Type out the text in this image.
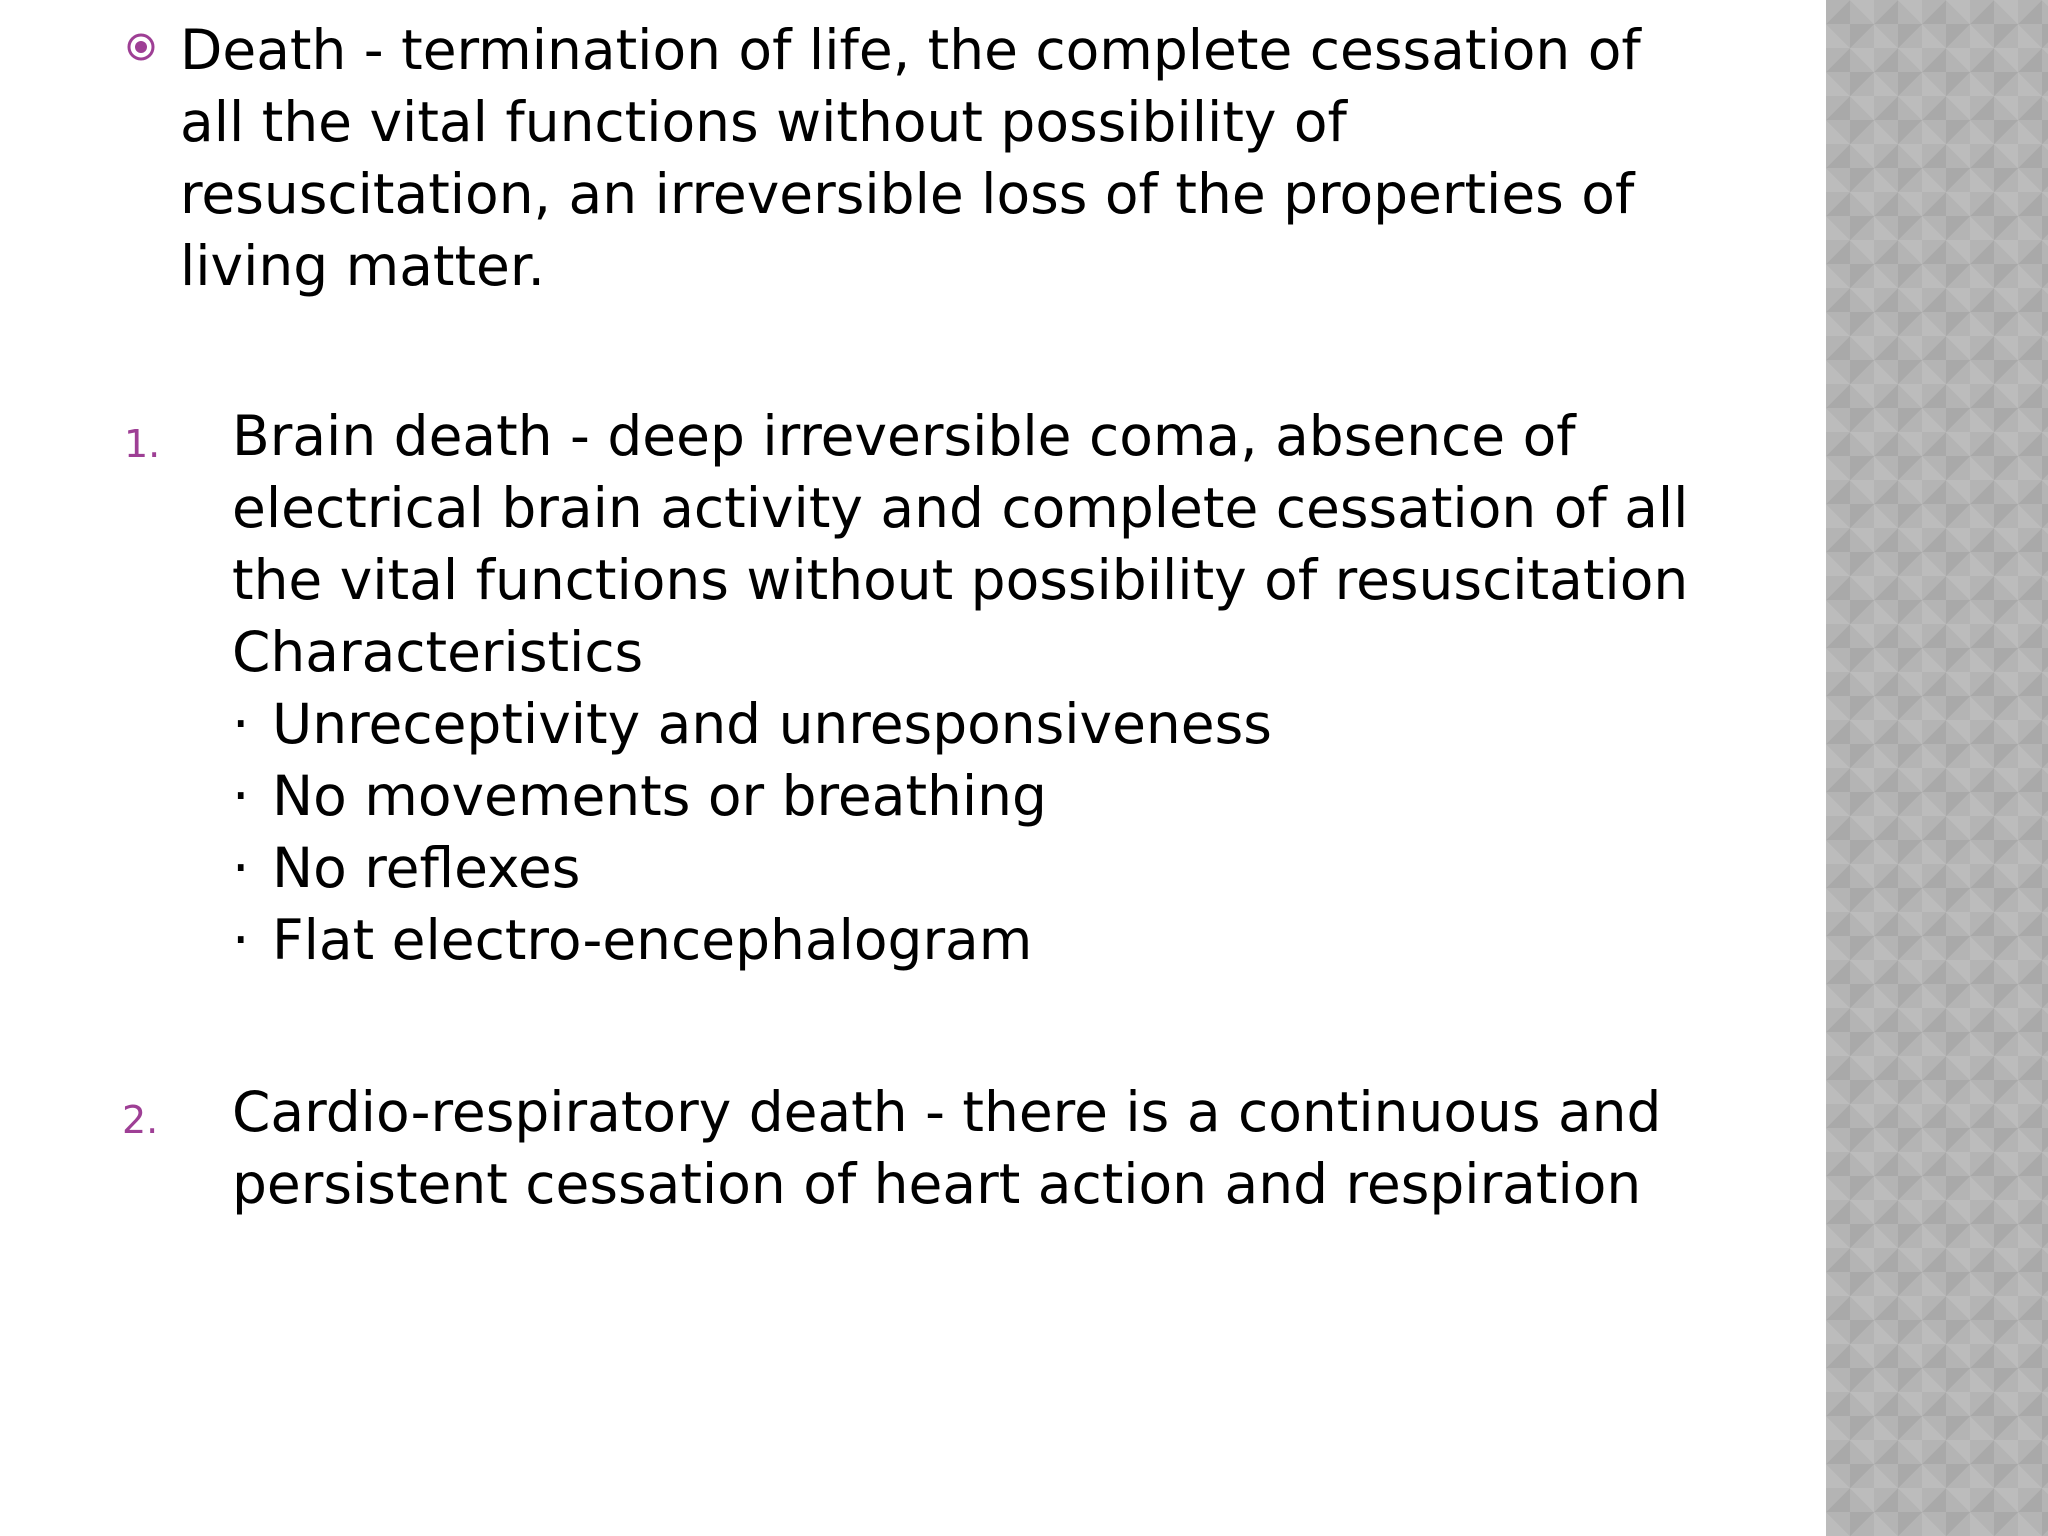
Death - termination of life, the complete cessation of
all the vital functions without possibility of
resuscitation, an irreversible loss of the properties of
living matter.
1. Brain death - deep irreversible coma, absence of
electrical brain activity and complete cessation of all
the vital functions without possibility of resuscitation
Characteristics
· Unreceptivity and unresponsiveness
· No movements or breathing
· No reflexes
· Flat electro-encephalogram
2. Cardio-respiratory death - there is a continuous and
persistent cessation of heart action and respiration
